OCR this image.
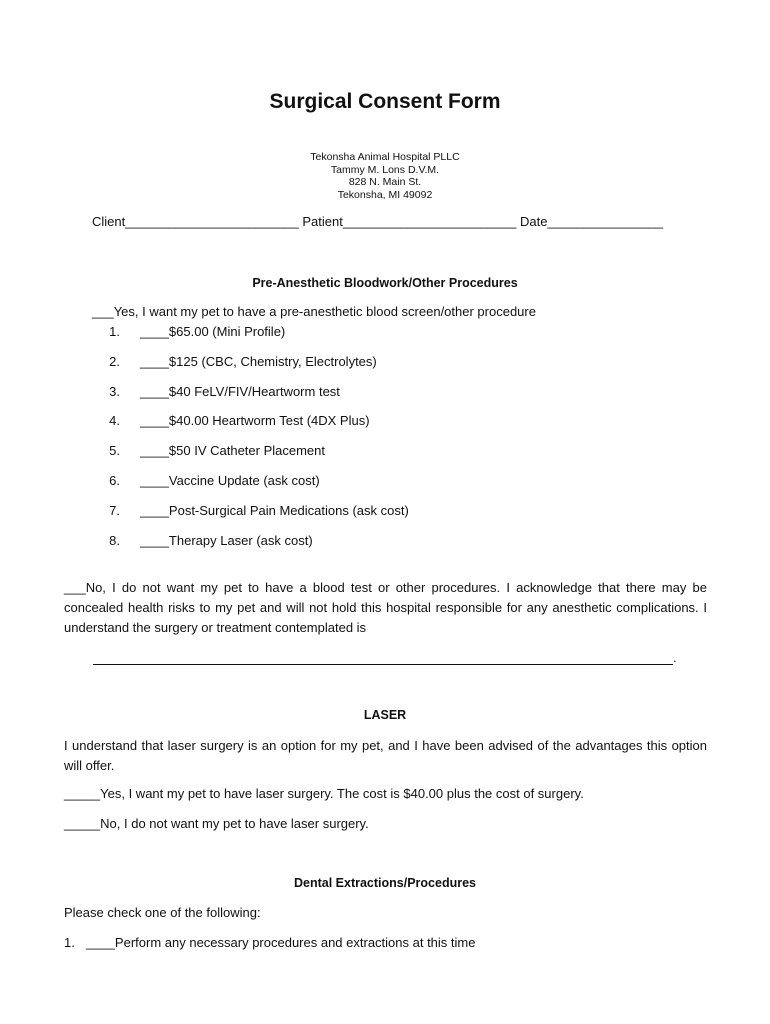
Surgical Consent Form
Tekonsha Animal Hospital PLLC
Tammy M. Lons D.V.M.
828 N. Main St.
Tekonsha, MI 49092
Client________________________ Patient________________________ Date________________
Pre-Anesthetic Bloodwork/Other Procedures
___Yes, I want my pet to have a pre-anesthetic blood screen/other procedure
1. ____$65.00 (Mini Profile)
2. ____$125 (CBC, Chemistry, Electrolytes)
3. ____$40 FeLV/FIV/Heartworm test
4. ____$40.00 Heartworm Test (4DX Plus)
5. ____$50 IV Catheter Placement
6. ____Vaccine Update (ask cost)
7. ____Post-Surgical Pain Medications (ask cost)
8. ____Therapy Laser (ask cost)
___No, I do not want my pet to have a blood test or other procedures. I acknowledge that there may be concealed health risks to my pet and will not hold this hospital responsible for any anesthetic complications. I understand the surgery or treatment contemplated is
.
LASER
I understand that laser surgery is an option for my pet, and I have been advised of the advantages this option will offer.
_____Yes, I want my pet to have laser surgery. The cost is $40.00 plus the cost of surgery.
_____No, I do not want my pet to have laser surgery.
Dental Extractions/Procedures
Please check one of the following:
1. ____Perform any necessary procedures and extractions at this time
